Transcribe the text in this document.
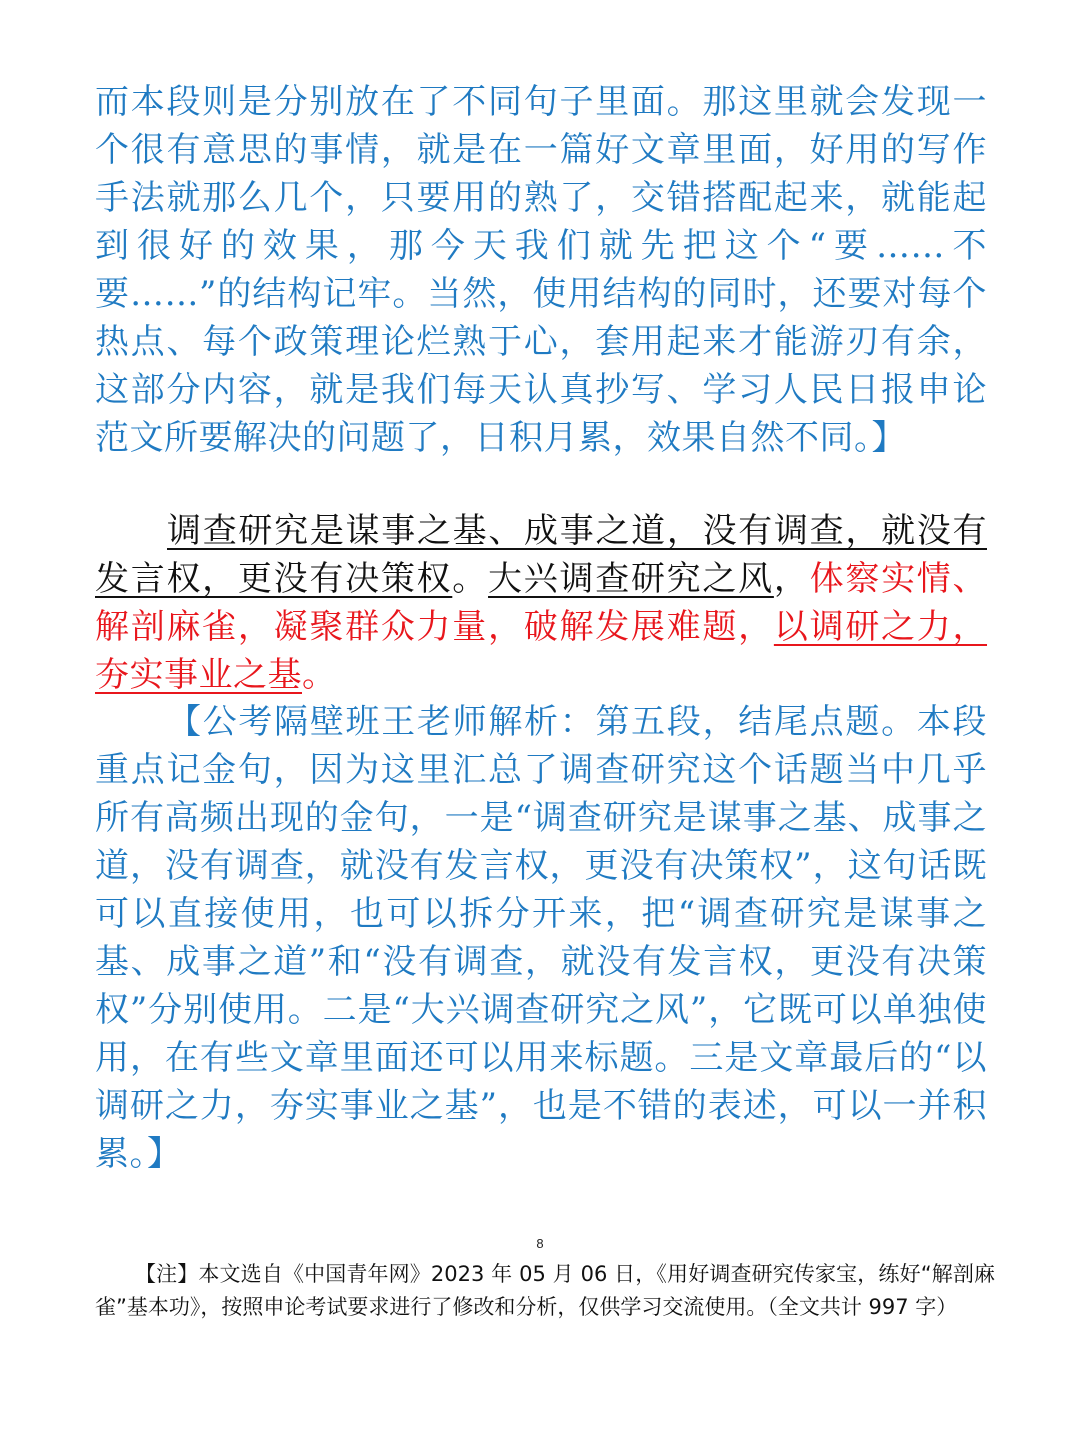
而本段则是分别放在了不同句子里面。那这里就会发现一个很有意思的事情，就是在一篇好文章里面，好用的写作手法就那么几个，只要用的熟了，交错搭配起来，就能起到很好的效果，那今天我们就先把这个“要……不要……”的结构记牢。当然，使用结构的同时，还要对每个热点、每个政策理论烂熟于心，套用起来才能游刃有余，这部分内容，就是我们每天认真抄写、学习人民日报申论范文所要解决的问题了，日积月累，效果自然不同。】

调查研究是谋事之基、成事之道，没有调查，就没有发言权，更没有决策权。大兴调查研究之风，体察实情、解剖麻雀，凝聚群众力量，破解发展难题，以调研之力，夯实事业之基。

【公考隔壁班王老师解析：第五段，结尾点题。本段重点记金句，因为这里汇总了调查研究这个话题当中几乎所有高频出现的金句，一是“调查研究是谋事之基、成事之道，没有调查，就没有发言权，更没有决策权”，这句话既可以直接使用，也可以拆分开来，把“调查研究是谋事之基、成事之道”和“没有调查，就没有发言权，更没有决策权”分别使用。二是“大兴调查研究之风”，它既可以单独使用，在有些文章里面还可以用来标题。三是文章最后的“以调研之力，夯实事业之基”，也是不错的表述，可以一并积累。】

8

【注】本文选自《中国青年网》2023 年 05 月 06 日，《用好调查研究传家宝，练好“解剖麻雀”基本功》，按照申论考试要求进行了修改和分析，仅供学习交流使用。（全文共计 997 字）
